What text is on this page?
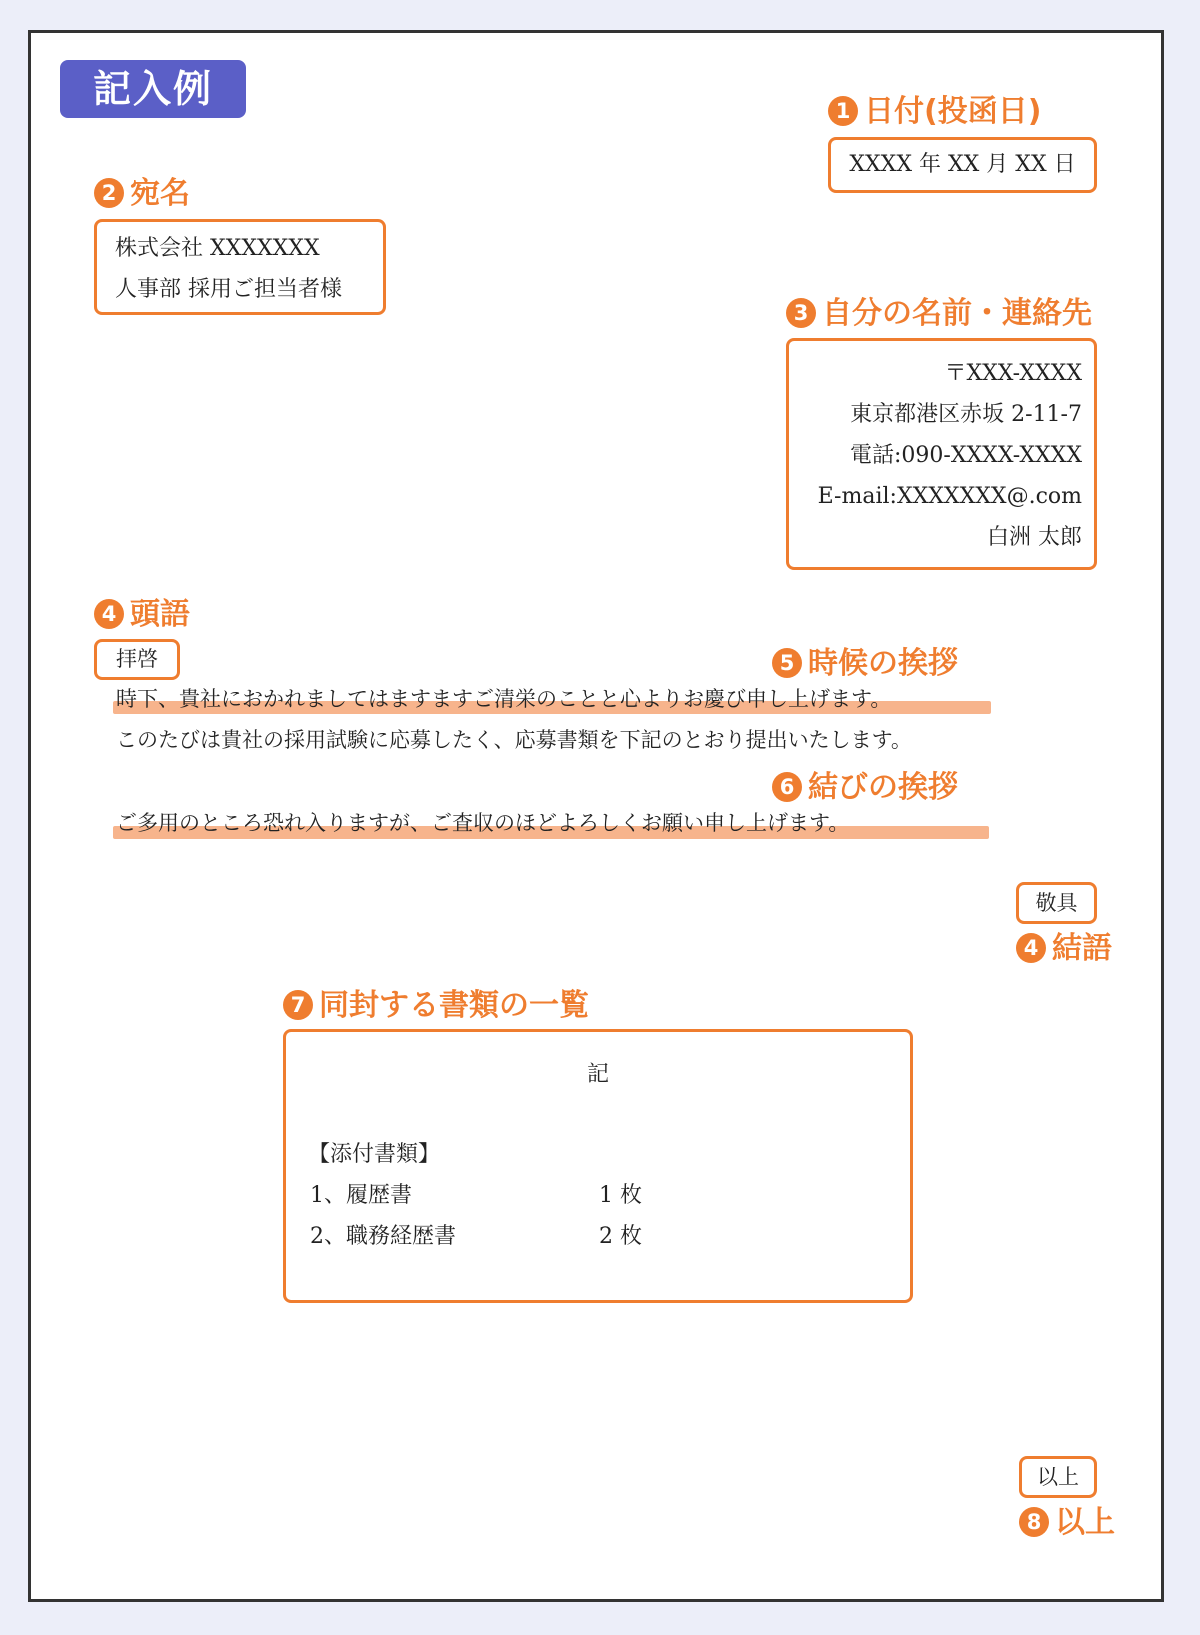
記入例	1 日付(投函日)
XXXX 年 XX 月 XX 日
2 宛名
株式会社 XXXXXXX
人事部 採用ご担当者様
3 自分の名前・連絡先
〒XXX-XXXX
東京都港区赤坂 2-11-7
電話:090-XXXX-XXXX
E-mail:XXXXXXX@.com
白洲 太郎
4 頭語
拝啓	5 時候の挨拶
時下、貴社におかれましてはますますご清栄のことと心よりお慶び申し上げます。
このたびは貴社の採用試験に応募したく、応募書類を下記のとおり提出いたします。
6 結びの挨拶
ご多用のところ恐れ入りますが、ご査収のほどよろしくお願い申し上げます。
敬具
4 結語
7 同封する書類の一覧
記
【添付書類】
1、履歴書	1 枚
2、職務経歴書	2 枚
以上
8 以上
